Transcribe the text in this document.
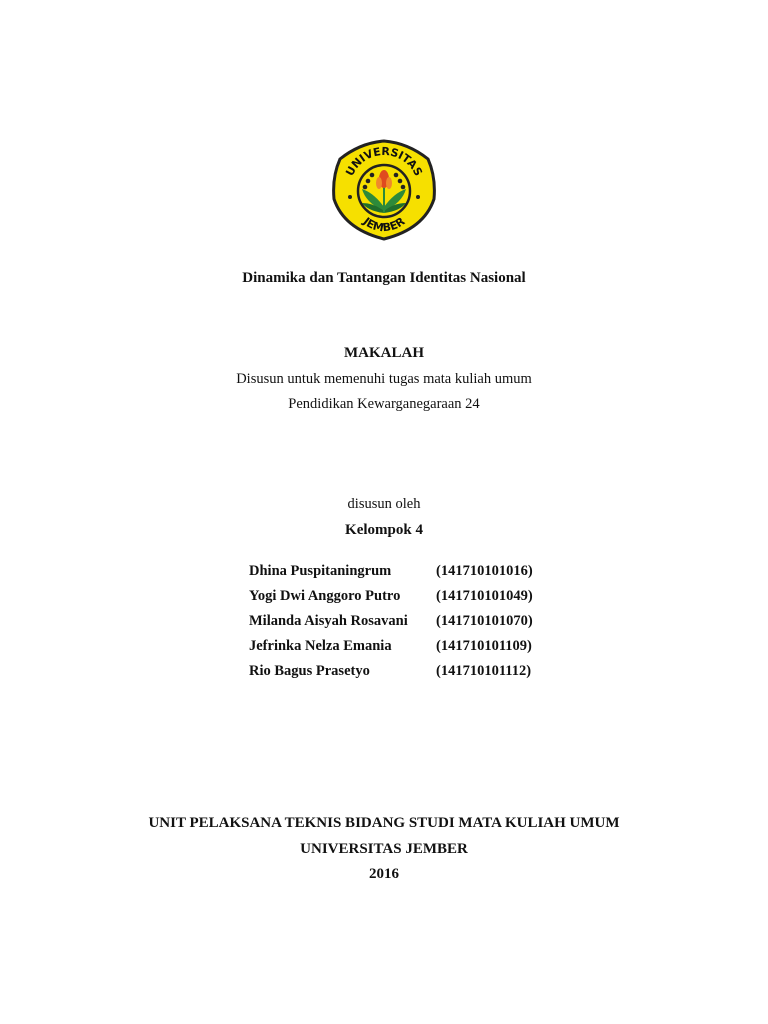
UNIVERSITAS
JEMBER
Dinamika dan Tantangan Identitas Nasional
MAKALAH
Disusun untuk memenuhi tugas mata kuliah umum
Pendidikan Kewarganegaraan 24
disusun oleh
Kelompok 4
Dhina Puspitaningrum	(141710101016)
Yogi Dwi Anggoro Putro (141710101049)
Milanda Aisyah Rosavani (141710101070)
Jefrinka Nelza Emania	(141710101109)
Rio Bagus Prasetyo	(141710101112)
UNIT PELAKSANA TEKNIS BIDANG STUDI MATA KULIAH UMUM
UNIVERSITAS JEMBER
2016
